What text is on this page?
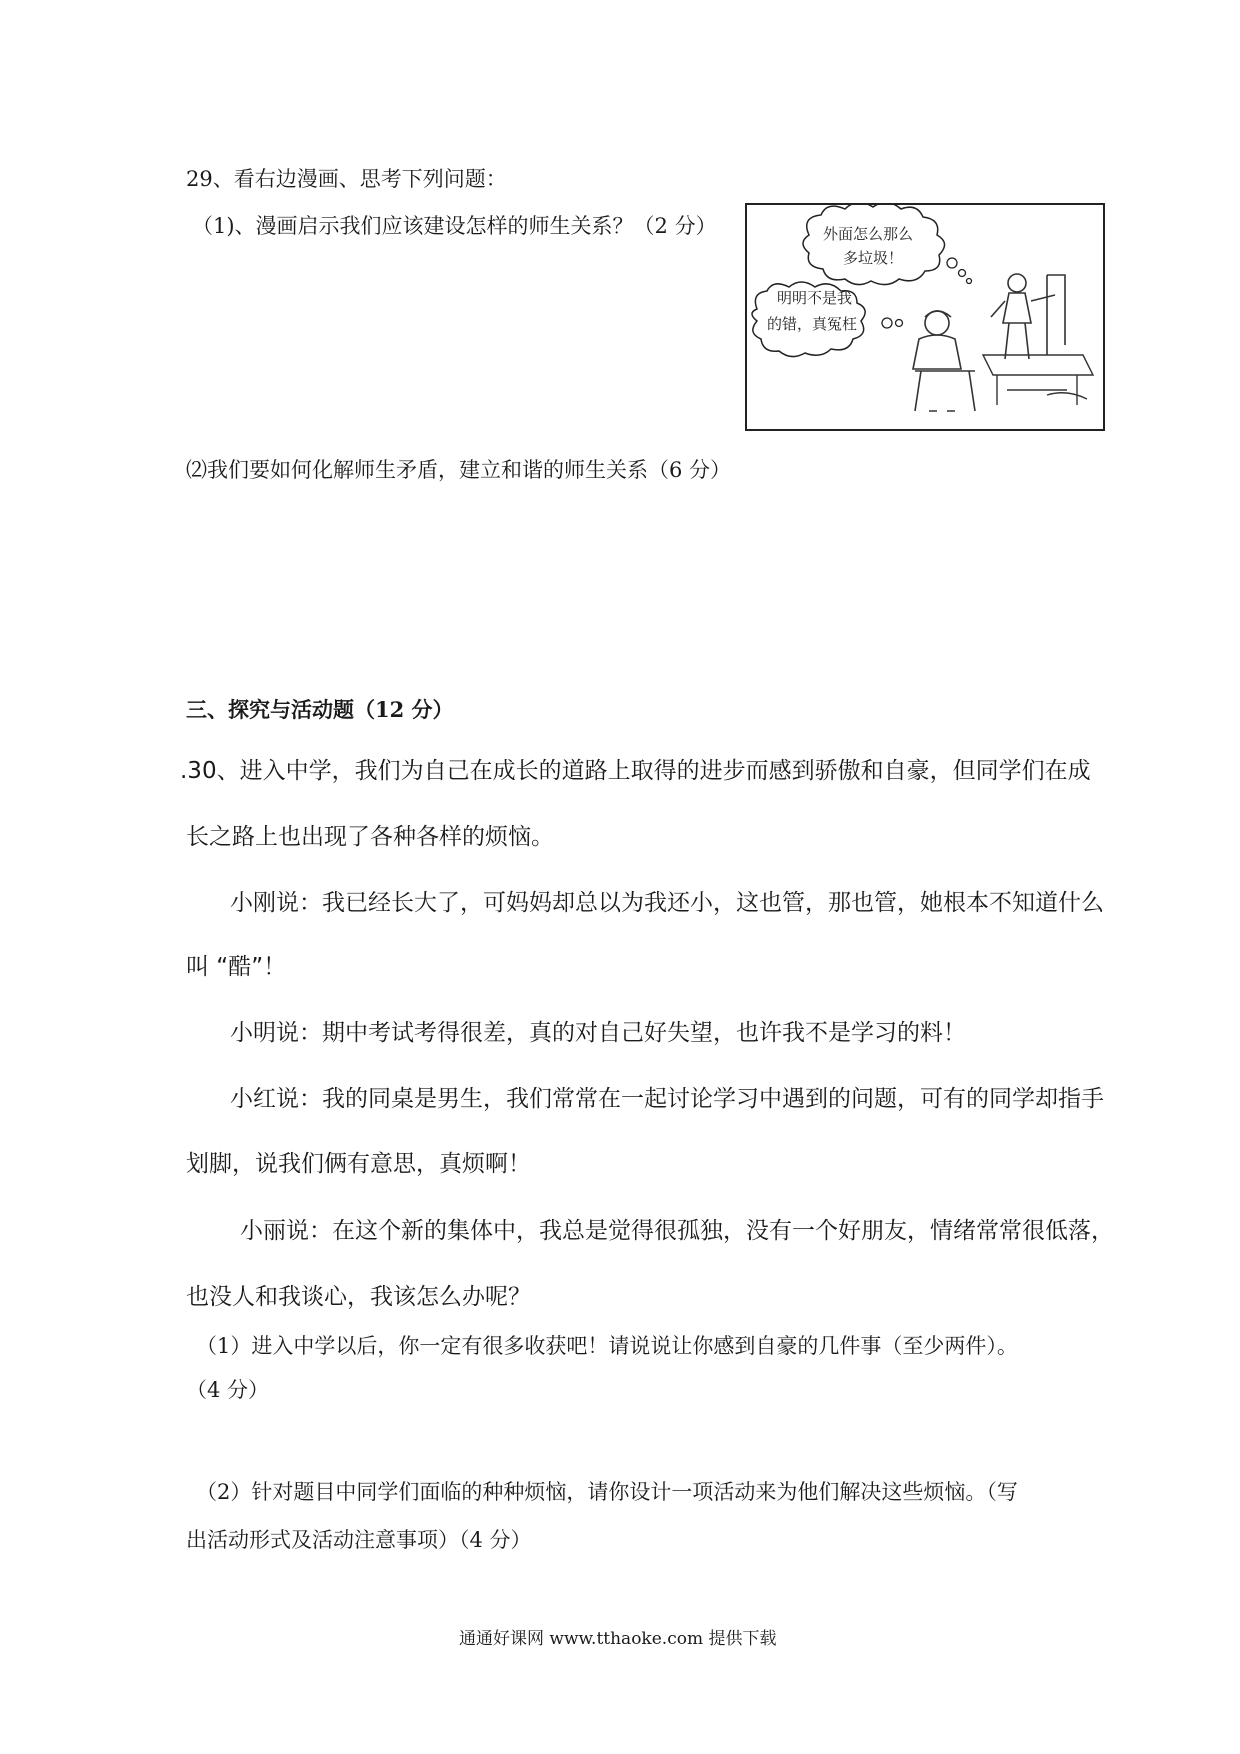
29、看右边漫画、思考下列问题：
（1)、漫画启示我们应该建设怎样的师生关系？（2 分）	外面怎么那么
多垃圾！
明明不是我
的错，真冤枉
⑵我们要如何化解师生矛盾，建立和谐的师生关系（6 分）
三、探究与活动题（12 分）
.30、进入中学，我们为自己在成长的道路上取得的进步而感到骄傲和自豪，但同学们在成
长之路上也出现了各种各样的烦恼。
小刚说：我已经长大了，可妈妈却总以为我还小，这也管，那也管，她根本不知道什么
叫 “酷”！
小明说：期中考试考得很差，真的对自己好失望，也许我不是学习的料！
小红说：我的同桌是男生，我们常常在一起讨论学习中遇到的问题，可有的同学却指手
划脚，说我们俩有意思，真烦啊！
小丽说：在这个新的集体中，我总是觉得很孤独，没有一个好朋友，情绪常常很低落，
也没人和我谈心，我该怎么办呢？
（1）进入中学以后，你一定有很多收获吧！请说说让你感到自豪的几件事（至少两件）。
（4 分）
（2）针对题目中同学们面临的种种烦恼，请你设计一项活动来为他们解决这些烦恼。（写
出活动形式及活动注意事项）（4 分）
通通好课网 www.tthaoke.com 提供下载
